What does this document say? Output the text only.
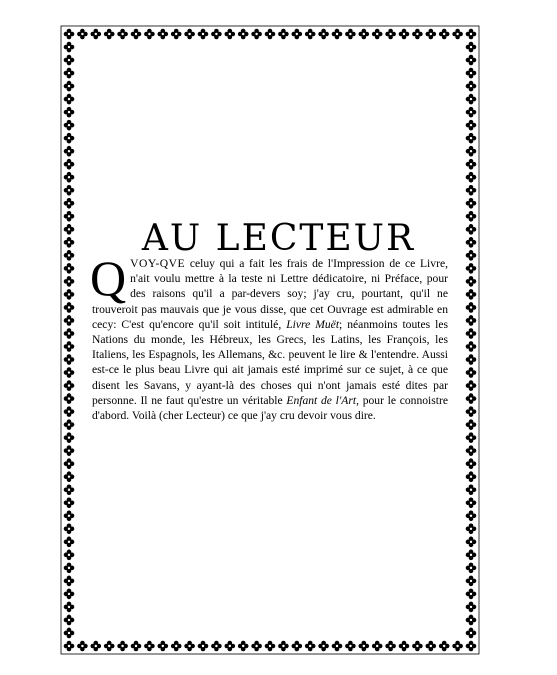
AU LECTEUR
QVOY-QVE celuy qui a fait les frais de l'Impression de ce Livre, n'ait voulu mettre à la teste ni Lettre dédicatoire, ni Préface, pour des raisons qu'il a par-devers soy; j'ay cru, pourtant, qu'il ne trouveroit pas mauvais que je vous disse, que cet Ouvrage est admirable en cecy: C'est qu'encore qu'il soit intitulé, Livre Muët; néanmoins toutes les Nations du monde, les Hébreux, les Grecs, les Latins, les François, les Italiens, les Espagnols, les Allemans, &c. peuvent le lire & l'entendre. Aussi est-ce le plus beau Livre qui ait jamais esté imprimé sur ce sujet, à ce que disent les Savans, y ayant-là des choses qui n'ont jamais esté dites par personne. Il ne faut qu'estre un véritable Enfant de l'Art, pour le connoistre d'abord. Voilà (cher Lecteur) ce que j'ay cru devoir vous dire.
